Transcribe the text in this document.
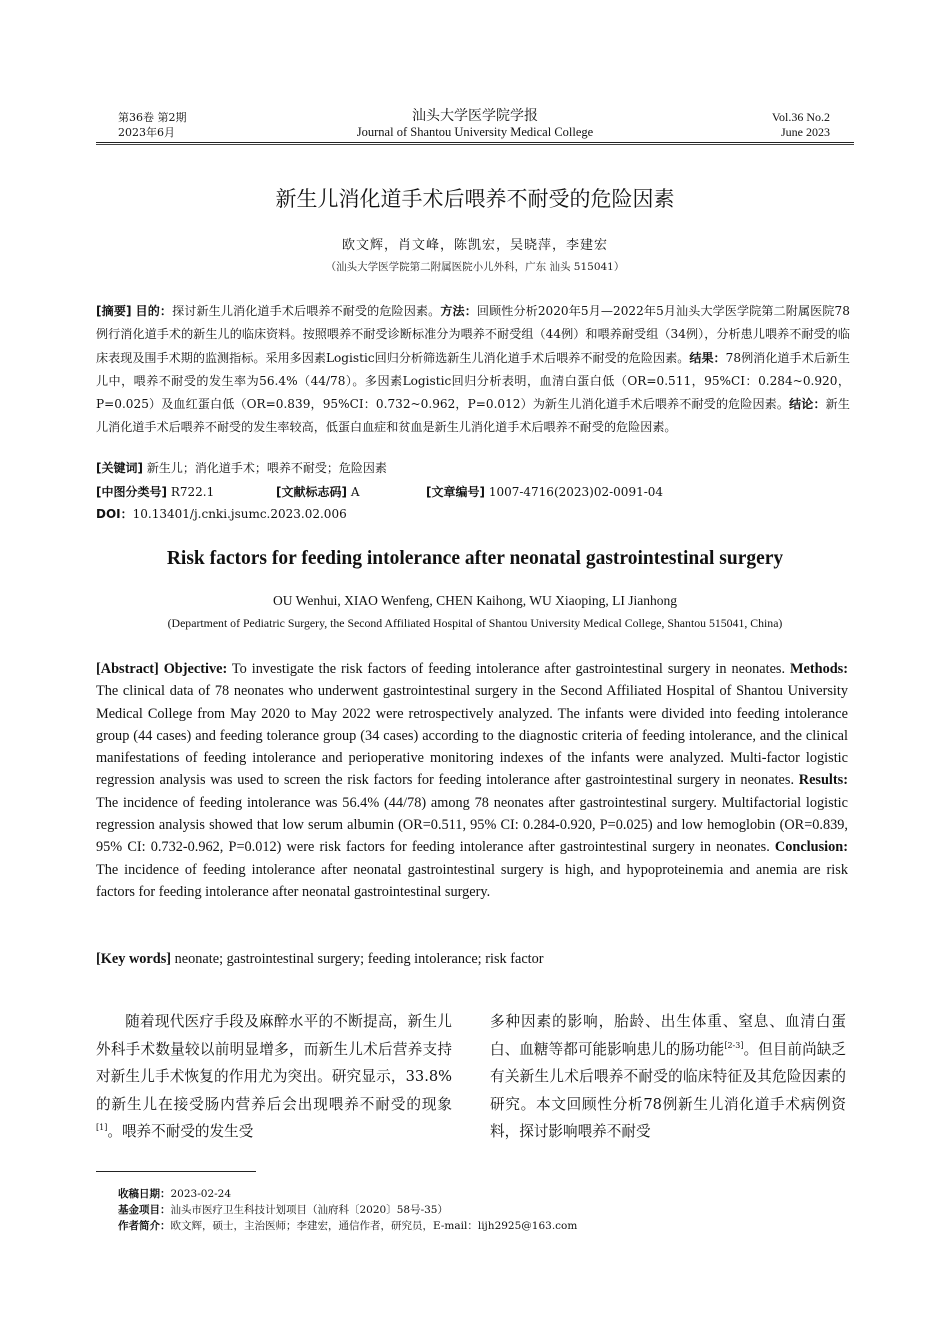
第36卷 第2期
2023年6月
汕头大学医学院学报
Journal of Shantou University Medical College
Vol.36 No.2
June 2023
新生儿消化道手术后喂养不耐受的危险因素
欧文辉，肖文峰，陈凯宏，吴晓萍，李建宏
（汕头大学医学院第二附属医院小儿外科，广东 汕头 515041）
[摘要] 目的：探讨新生儿消化道手术后喂养不耐受的危险因素。方法：回顾性分析2020年5月—2022年5月汕头大学医学院第二附属医院78例行消化道手术的新生儿的临床资料。按照喂养不耐受诊断标准分为喂养不耐受组（44例）和喂养耐受组（34例），分析患儿喂养不耐受的临床表现及围手术期的监测指标。采用多因素Logistic回归分析筛选新生儿消化道手术后喂养不耐受的危险因素。结果：78例消化道手术后新生儿中，喂养不耐受的发生率为56.4%（44/78）。多因素Logistic回归分析表明，血清白蛋白低（OR=0.511，95%CI：0.284~0.920，P=0.025）及血红蛋白低（OR=0.839，95%CI：0.732~0.962，P=0.012）为新生儿消化道手术后喂养不耐受的危险因素。结论：新生儿消化道手术后喂养不耐受的发生率较高，低蛋白血症和贫血是新生儿消化道手术后喂养不耐受的危险因素。
[关键词] 新生儿；消化道手术；喂养不耐受；危险因素
[中图分类号] R722.1	[文献标志码] A	[文章编号] 1007-4716(2023)02-0091-04
DOI：10.13401/j.cnki.jsumc.2023.02.006
Risk factors for feeding intolerance after neonatal gastrointestinal surgery
OU Wenhui, XIAO Wenfeng, CHEN Kaihong, WU Xiaoping, LI Jianhong
(Department of Pediatric Surgery, the Second Affiliated Hospital of Shantou University Medical College, Shantou 515041, China)
[Abstract] Objective: To investigate the risk factors of feeding intolerance after gastrointestinal surgery in neonates. Methods: The clinical data of 78 neonates who underwent gastrointestinal surgery in the Second Affiliated Hospital of Shantou University Medical College from May 2020 to May 2022 were retrospectively analyzed. The infants were divided into feeding intolerance group (44 cases) and feeding tolerance group (34 cases) according to the diagnostic criteria of feeding intolerance, and the clinical manifestations of feeding intolerance and perioperative monitoring indexes of the infants were analyzed. Multi-factor logistic regression analysis was used to screen the risk factors for feeding intolerance after gastrointestinal surgery in neonates. Results: The incidence of feeding intolerance was 56.4% (44/78) among 78 neonates after gastrointestinal surgery. Multifactorial logistic regression analysis showed that low serum albumin (OR=0.511, 95% CI: 0.284-0.920, P=0.025) and low hemoglobin (OR=0.839, 95% CI: 0.732-0.962, P=0.012) were risk factors for feeding intolerance after gastrointestinal surgery in neonates. Conclusion: The incidence of feeding intolerance after neonatal gastrointestinal surgery is high, and hypoproteinemia and anemia are risk factors for feeding intolerance after neonatal gastrointestinal surgery.
[Key words] neonate; gastrointestinal surgery; feeding intolerance; risk factor
随着现代医疗手段及麻醉水平的不断提高，新生儿外科手术数量较以前明显增多，而新生儿术后营养支持对新生儿手术恢复的作用尤为突出。研究显示，33.8%的新生儿在接受肠内营养后会出现喂养不耐受的现象[1]。喂养不耐受的发生受
多种因素的影响，胎龄、出生体重、窒息、血清白蛋白、血糖等都可能影响患儿的肠功能[2-3]。但目前尚缺乏有关新生儿术后喂养不耐受的临床特征及其危险因素的研究。本文回顾性分析78例新生儿消化道手术病例资料，探讨影响喂养不耐受
收稿日期：2023-02-24
基金项目：汕头市医疗卫生科技计划项目（汕府科〔2020〕58号-35）
作者简介：欧文辉，硕士，主治医师；李建宏，通信作者，研究员，E-mail：lijh2925@163.com
